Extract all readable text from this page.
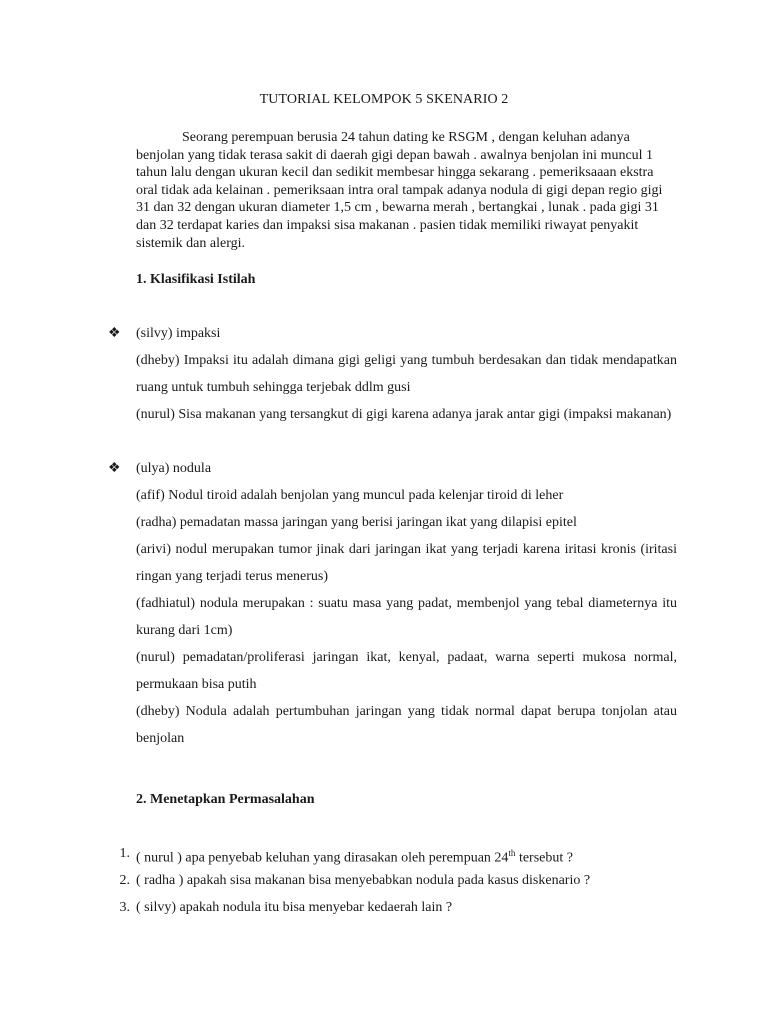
TUTORIAL KELOMPOK 5 SKENARIO 2
Seorang perempuan berusia 24 tahun dating ke RSGM , dengan keluhan adanya benjolan yang tidak terasa sakit di daerah gigi depan bawah . awalnya benjolan ini muncul 1 tahun lalu dengan ukuran kecil dan sedikit membesar hingga sekarang . pemeriksaaan ekstra oral tidak ada kelainan . pemeriksaan intra oral tampak adanya nodula di gigi depan regio gigi 31 dan 32 dengan ukuran diameter 1,5 cm , bewarna merah , bertangkai , lunak . pada gigi 31 dan 32 terdapat karies dan impaksi sisa makanan . pasien tidak memiliki riwayat penyakit sistemik dan alergi.
1. Klasifikasi Istilah
❖ (silvy) impaksi
(dheby) Impaksi itu adalah dimana gigi geligi yang tumbuh berdesakan dan tidak mendapatkan ruang untuk tumbuh sehingga terjebak ddlm gusi
(nurul) Sisa makanan yang tersangkut di gigi karena adanya jarak antar gigi (impaksi makanan)
❖ (ulya) nodula
(afif) Nodul tiroid adalah benjolan yang muncul pada kelenjar tiroid di leher
(radha) pemadatan massa jaringan yang berisi jaringan ikat yang dilapisi epitel
(arivi) nodul merupakan tumor jinak dari jaringan ikat yang terjadi karena iritasi kronis (iritasi ringan yang terjadi terus menerus)
(fadhiatul) nodula merupakan : suatu masa yang padat, membenjol yang tebal diameternya itu kurang dari 1cm)
(nurul) pemadatan/proliferasi jaringan ikat, kenyal, padaat, warna seperti mukosa normal, permukaan bisa putih
(dheby) Nodula adalah pertumbuhan jaringan yang tidak normal dapat berupa tonjolan atau benjolan
2. Menetapkan Permasalahan
1. ( nurul ) apa penyebab keluhan yang dirasakan oleh perempuan 24th tersebut ?
2. ( radha ) apakah sisa makanan bisa menyebabkan nodula pada kasus diskenario ?
3. ( silvy) apakah nodula itu bisa menyebar kedaerah lain ?
